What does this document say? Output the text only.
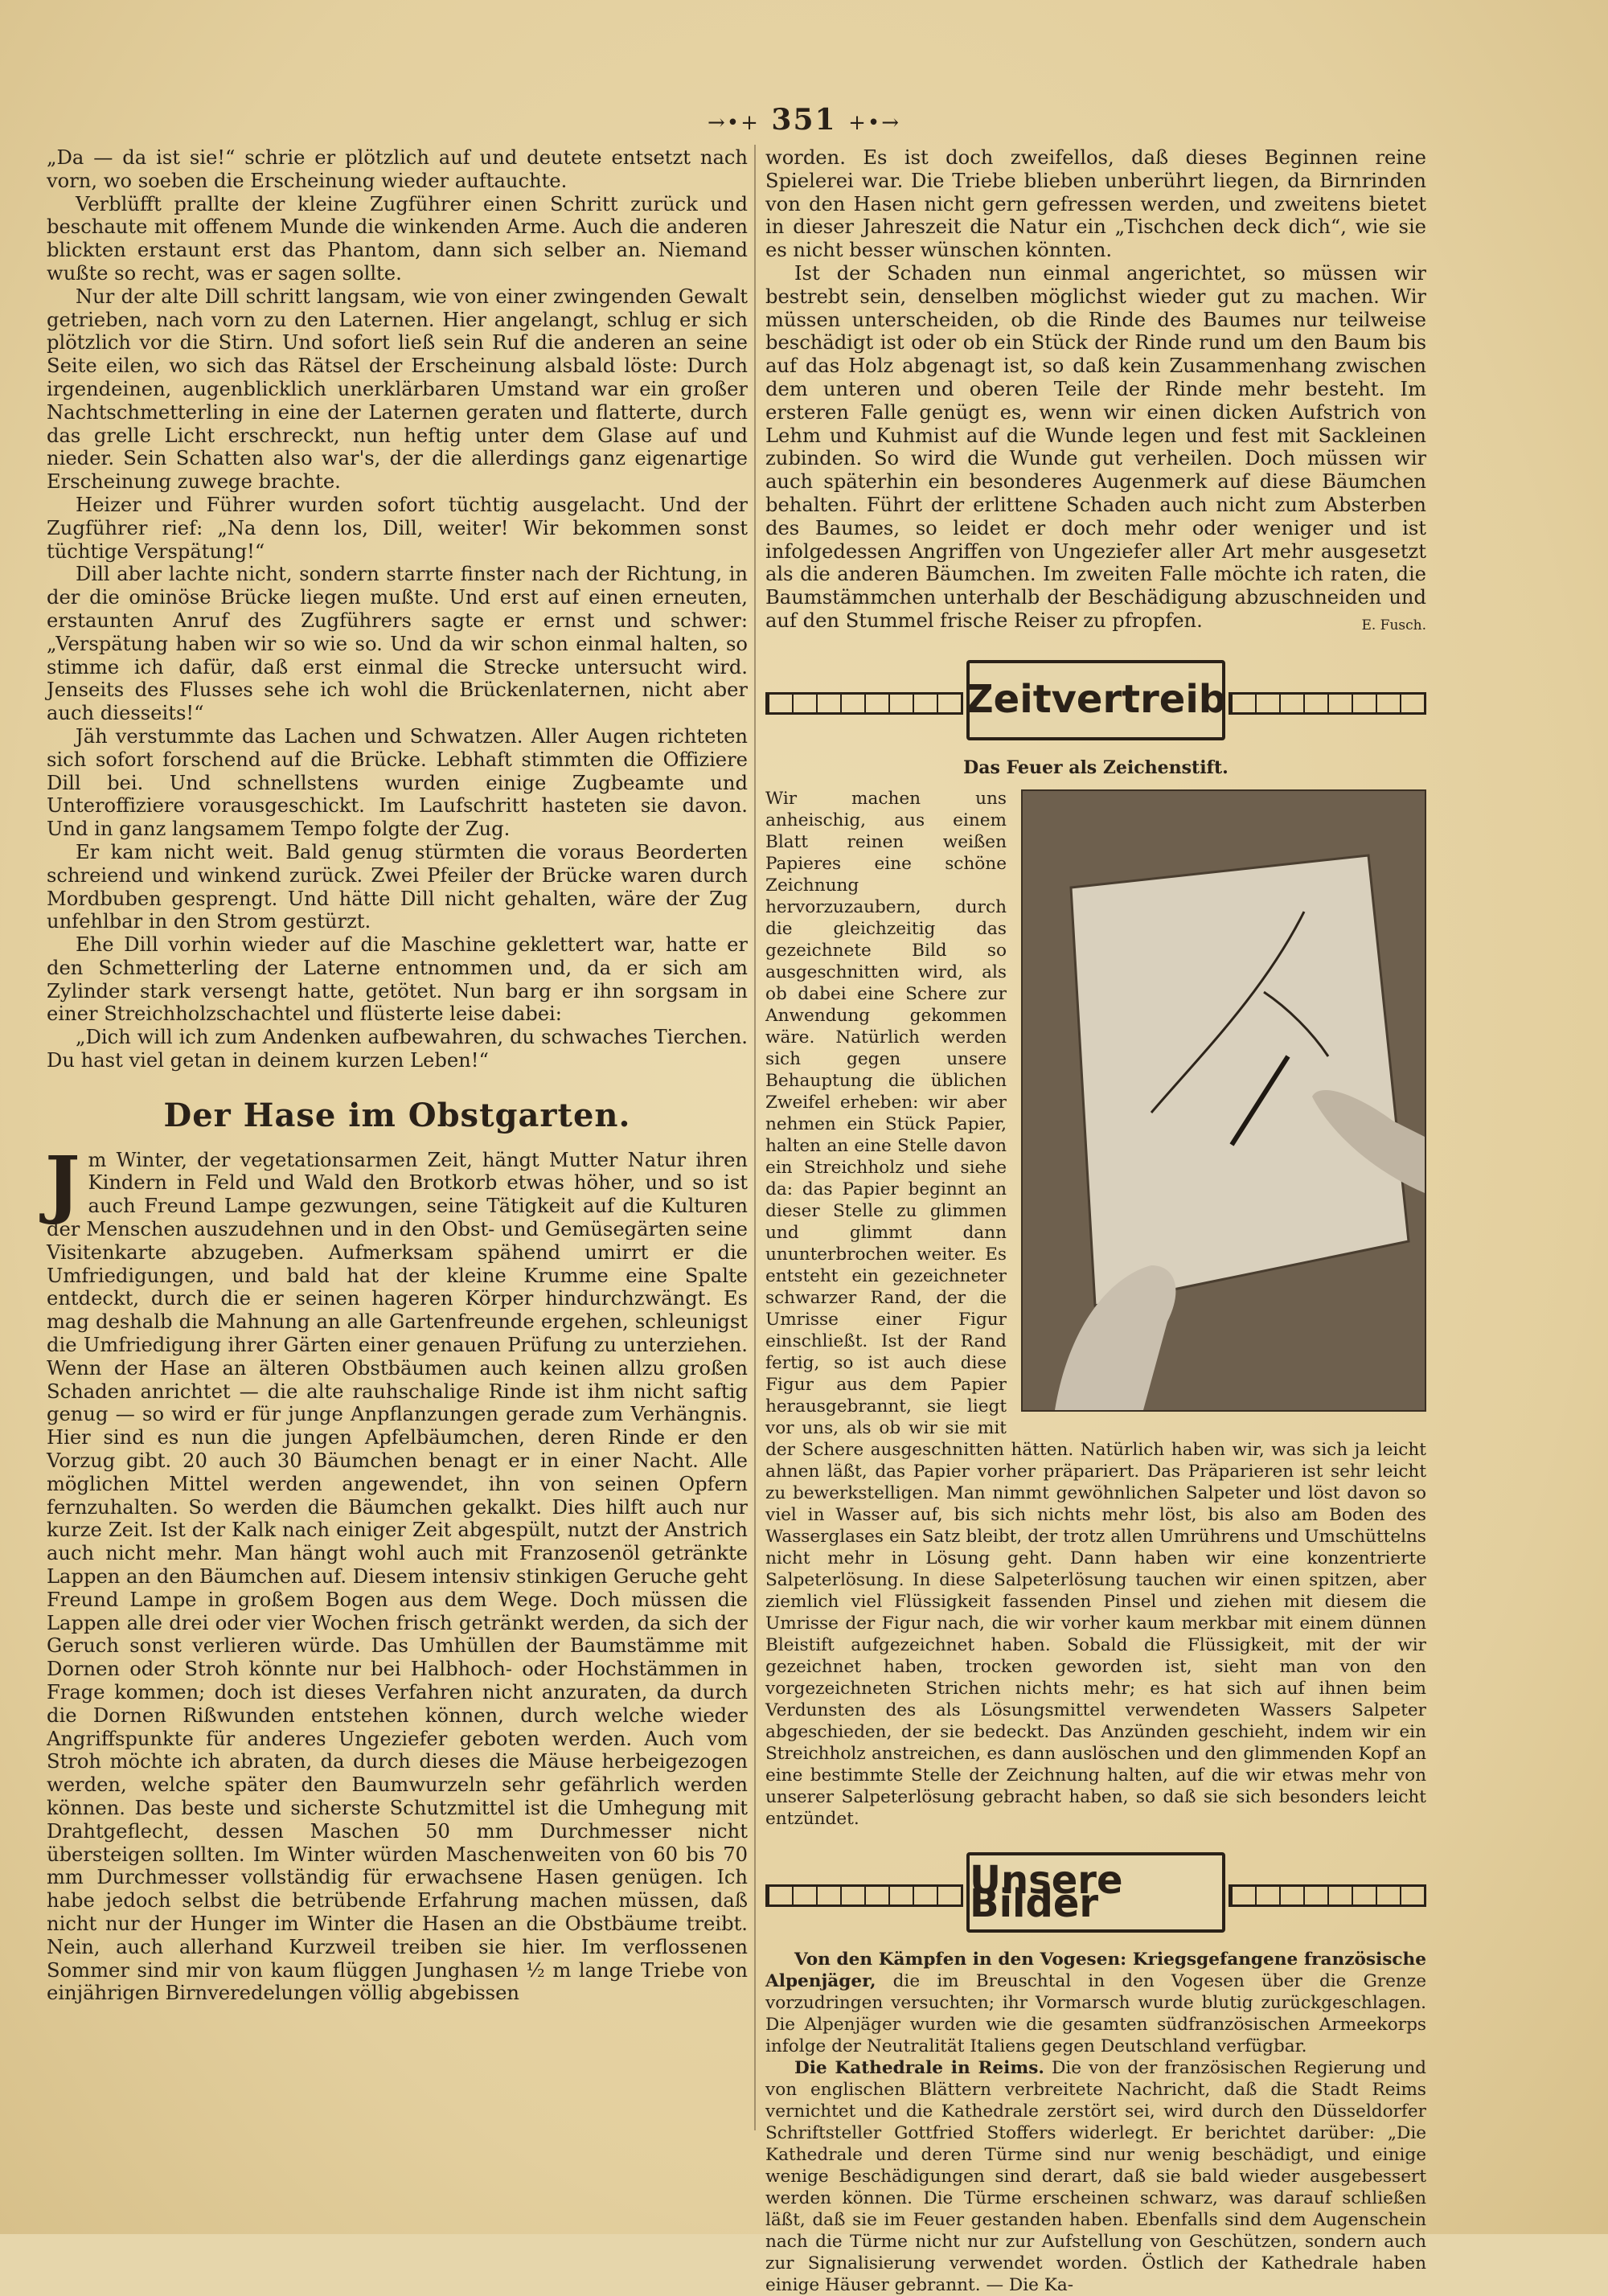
→•+ 351 +•→

„Da — da ist sie!“ schrie er plötzlich auf und deutete entsetzt nach vorn, wo soeben die Erscheinung wieder auftauchte.

Verblüfft prallte der kleine Zugführer einen Schritt zurück und beschaute mit offenem Munde die winkenden Arme. Auch die anderen blickten erstaunt erst das Phantom, dann sich selber an. Niemand wußte so recht, was er sagen sollte.

Nur der alte Dill schritt langsam, wie von einer zwingenden Gewalt getrieben, nach vorn zu den Laternen. Hier angelangt, schlug er sich plötzlich vor die Stirn. Und sofort ließ sein Ruf die anderen an seine Seite eilen, wo sich das Rätsel der Erscheinung alsbald löste: Durch irgendeinen, augenblicklich unerklärbaren Umstand war ein großer Nachtschmetterling in eine der Laternen geraten und flatterte, durch das grelle Licht erschreckt, nun heftig unter dem Glase auf und nieder. Sein Schatten also war's, der die allerdings ganz eigenartige Erscheinung zuwege brachte.

Heizer und Führer wurden sofort tüchtig ausgelacht. Und der Zugführer rief: „Na denn los, Dill, weiter! Wir bekommen sonst tüchtige Verspätung!“

Dill aber lachte nicht, sondern starrte finster nach der Richtung, in der die ominöse Brücke liegen mußte. Und erst auf einen erneuten, erstaunten Anruf des Zugführers sagte er ernst und schwer: „Verspätung haben wir so wie so. Und da wir schon einmal halten, so stimme ich dafür, daß erst einmal die Strecke untersucht wird. Jenseits des Flusses sehe ich wohl die Brückenlaternen, nicht aber auch diesseits!“

Jäh verstummte das Lachen und Schwatzen. Aller Augen richteten sich sofort forschend auf die Brücke. Lebhaft stimmten die Offiziere Dill bei. Und schnellstens wurden einige Zugbeamte und Unteroffiziere vorausgeschickt. Im Laufschritt hasteten sie davon. Und in ganz langsamem Tempo folgte der Zug.

Er kam nicht weit. Bald genug stürmten die voraus Beorderten schreiend und winkend zurück. Zwei Pfeiler der Brücke waren durch Mordbuben gesprengt. Und hätte Dill nicht gehalten, wäre der Zug unfehlbar in den Strom gestürzt.

Ehe Dill vorhin wieder auf die Maschine geklettert war, hatte er den Schmetterling der Laterne entnommen und, da er sich am Zylinder stark versengt hatte, getötet. Nun barg er ihn sorgsam in einer Streichholzschachtel und flüsterte leise dabei:

„Dich will ich zum Andenken aufbewahren, du schwaches Tierchen. Du hast viel getan in deinem kurzen Leben!“

Der Hase im Obstgarten.

Jm Winter, der vegetationsarmen Zeit, hängt Mutter Natur ihren Kindern in Feld und Wald den Brotkorb etwas höher, und so ist auch Freund Lampe gezwungen, seine Tätigkeit auf die Kulturen der Menschen auszudehnen und in den Obst- und Gemüsegärten seine Visitenkarte abzugeben. Aufmerksam spähend umirrt er die Umfriedigungen, und bald hat der kleine Krumme eine Spalte entdeckt, durch die er seinen hageren Körper hindurchzwängt. Es mag deshalb die Mahnung an alle Gartenfreunde ergehen, schleunigst die Umfriedigung ihrer Gärten einer genauen Prüfung zu unterziehen. Wenn der Hase an älteren Obstbäumen auch keinen allzu großen Schaden anrichtet — die alte rauhschalige Rinde ist ihm nicht saftig genug — so wird er für junge Anpflanzungen gerade zum Verhängnis. Hier sind es nun die jungen Apfelbäumchen, deren Rinde er den Vorzug gibt. 20 auch 30 Bäumchen benagt er in einer Nacht. Alle möglichen Mittel werden angewendet, ihn von seinen Opfern fernzuhalten. So werden die Bäumchen gekalkt. Dies hilft auch nur kurze Zeit. Ist der Kalk nach einiger Zeit abgespült, nutzt der Anstrich auch nicht mehr. Man hängt wohl auch mit Franzosenöl getränkte Lappen an den Bäumchen auf. Diesem intensiv stinkigen Geruche geht Freund Lampe in großem Bogen aus dem Wege. Doch müssen die Lappen alle drei oder vier Wochen frisch getränkt werden, da sich der Geruch sonst verlieren würde. Das Umhüllen der Baumstämme mit Dornen oder Stroh könnte nur bei Halbhoch- oder Hochstämmen in Frage kommen; doch ist dieses Verfahren nicht anzuraten, da durch die Dornen Rißwunden entstehen können, durch welche wieder Angriffspunkte für anderes Ungeziefer geboten werden. Auch vom Stroh möchte ich abraten, da durch dieses die Mäuse herbeigezogen werden, welche später den Baumwurzeln sehr gefährlich werden können. Das beste und sicherste Schutzmittel ist die Umhegung mit Drahtgeflecht, dessen Maschen 50 mm Durchmesser nicht übersteigen sollten. Im Winter würden Maschenweiten von 60 bis 70 mm Durchmesser vollständig für erwachsene Hasen genügen. Ich habe jedoch selbst die betrübende Erfahrung machen müssen, daß nicht nur der Hunger im Winter die Hasen an die Obstbäume treibt. Nein, auch allerhand Kurzweil treiben sie hier. Im verflossenen Sommer sind mir von kaum flüggen Junghasen ½ m lange Triebe von einjährigen Birnveredelungen völlig abgebissen

worden. Es ist doch zweifellos, daß dieses Beginnen reine Spielerei war. Die Triebe blieben unberührt liegen, da Birnrinden von den Hasen nicht gern gefressen werden, und zweitens bietet in dieser Jahreszeit die Natur ein „Tischchen deck dich“, wie sie es nicht besser wünschen könnten.

Ist der Schaden nun einmal angerichtet, so müssen wir bestrebt sein, denselben möglichst wieder gut zu machen. Wir müssen unterscheiden, ob die Rinde des Baumes nur teilweise beschädigt ist oder ob ein Stück der Rinde rund um den Baum bis auf das Holz abgenagt ist, so daß kein Zusammenhang zwischen dem unteren und oberen Teile der Rinde mehr besteht. Im ersteren Falle genügt es, wenn wir einen dicken Aufstrich von Lehm und Kuhmist auf die Wunde legen und fest mit Sackleinen zubinden. So wird die Wunde gut verheilen. Doch müssen wir auch späterhin ein besonderes Augenmerk auf diese Bäumchen behalten. Führt der erlittene Schaden auch nicht zum Absterben des Baumes, so leidet er doch mehr oder weniger und ist infolgedessen Angriffen von Ungeziefer aller Art mehr ausgesetzt als die anderen Bäumchen. Im zweiten Falle möchte ich raten, die Baumstämmchen unterhalb der Beschädigung abzuschneiden und auf den Stummel frische Reiser zu pfropfen.	E. Fusch.

Zeitvertreib
Das Feuer als Zeichenstift.

Wir machen uns anheischig, aus einem Blatt reinen weißen Papieres eine schöne Zeichnung hervorzuzaubern, durch die gleichzeitig das gezeichnete Bild so ausgeschnitten wird, als ob dabei eine Schere zur Anwendung gekommen wäre. Natürlich werden sich gegen unsere Behauptung die üblichen Zweifel erheben: wir aber nehmen ein Stück Papier, halten an eine Stelle davon ein Streichholz und siehe da: das Papier beginnt an dieser Stelle zu glimmen und glimmt dann ununterbrochen weiter. Es entsteht ein gezeichneter schwarzer Rand, der die Umrisse einer Figur einschließt. Ist der Rand fertig, so ist auch diese Figur aus dem Papier herausgebrannt, sie liegt vor uns, als ob wir sie mit der Schere ausgeschnitten hätten. Natürlich haben wir, was sich ja leicht ahnen läßt, das Papier vorher präpariert. Das Präparieren ist sehr leicht zu bewerkstelligen. Man nimmt gewöhnlichen Salpeter und löst davon so viel in Wasser auf, bis sich nichts mehr löst, bis also am Boden des Wasserglases ein Satz bleibt, der trotz allen Umrührens und Umschüttelns nicht mehr in Lösung geht. Dann haben wir eine konzentrierte Salpeterlösung. In diese Salpeterlösung tauchen wir einen spitzen, aber ziemlich viel Flüssigkeit fassenden Pinsel und ziehen mit diesem die Umrisse der Figur nach, die wir vorher kaum merkbar mit einem dünnen Bleistift aufgezeichnet haben. Sobald die Flüssigkeit, mit der wir gezeichnet haben, trocken geworden ist, sieht man von den vorgezeichneten Strichen nichts mehr; es hat sich auf ihnen beim Verdunsten des als Lösungsmittel verwendeten Wassers Salpeter abgeschieden, der sie bedeckt. Das Anzünden geschieht, indem wir ein Streichholz anstreichen, es dann auslöschen und den glimmenden Kopf an eine bestimmte Stelle der Zeichnung halten, auf die wir etwas mehr von unserer Salpeterlösung gebracht haben, so daß sie sich besonders leicht entzündet.

Unsere Bilder

Von den Kämpfen in den Vogesen: Kriegsgefangene französische Alpenjäger, die im Breuschtal in den Vogesen über die Grenze vorzudringen versuchten; ihr Vormarsch wurde blutig zurückgeschlagen. Die Alpenjäger wurden wie die gesamten südfranzösischen Armeekorps infolge der Neutralität Italiens gegen Deutschland verfügbar.

Die Kathedrale in Reims. Die von der französischen Regierung und von englischen Blättern verbreitete Nachricht, daß die Stadt Reims vernichtet und die Kathedrale zerstört sei, wird durch den Düsseldorfer Schriftsteller Gottfried Stoffers widerlegt. Er berichtet darüber: „Die Kathedrale und deren Türme sind nur wenig beschädigt, und einige wenige Beschädigungen sind derart, daß sie bald wieder ausgebessert werden können. Die Türme erscheinen schwarz, was darauf schließen läßt, daß sie im Feuer gestanden haben. Ebenfalls sind dem Augenschein nach die Türme nicht nur zur Aufstellung von Geschützen, sondern auch zur Signalisierung verwendet worden. Östlich der Kathedrale haben einige Häuser gebrannt. — Die Ka-
